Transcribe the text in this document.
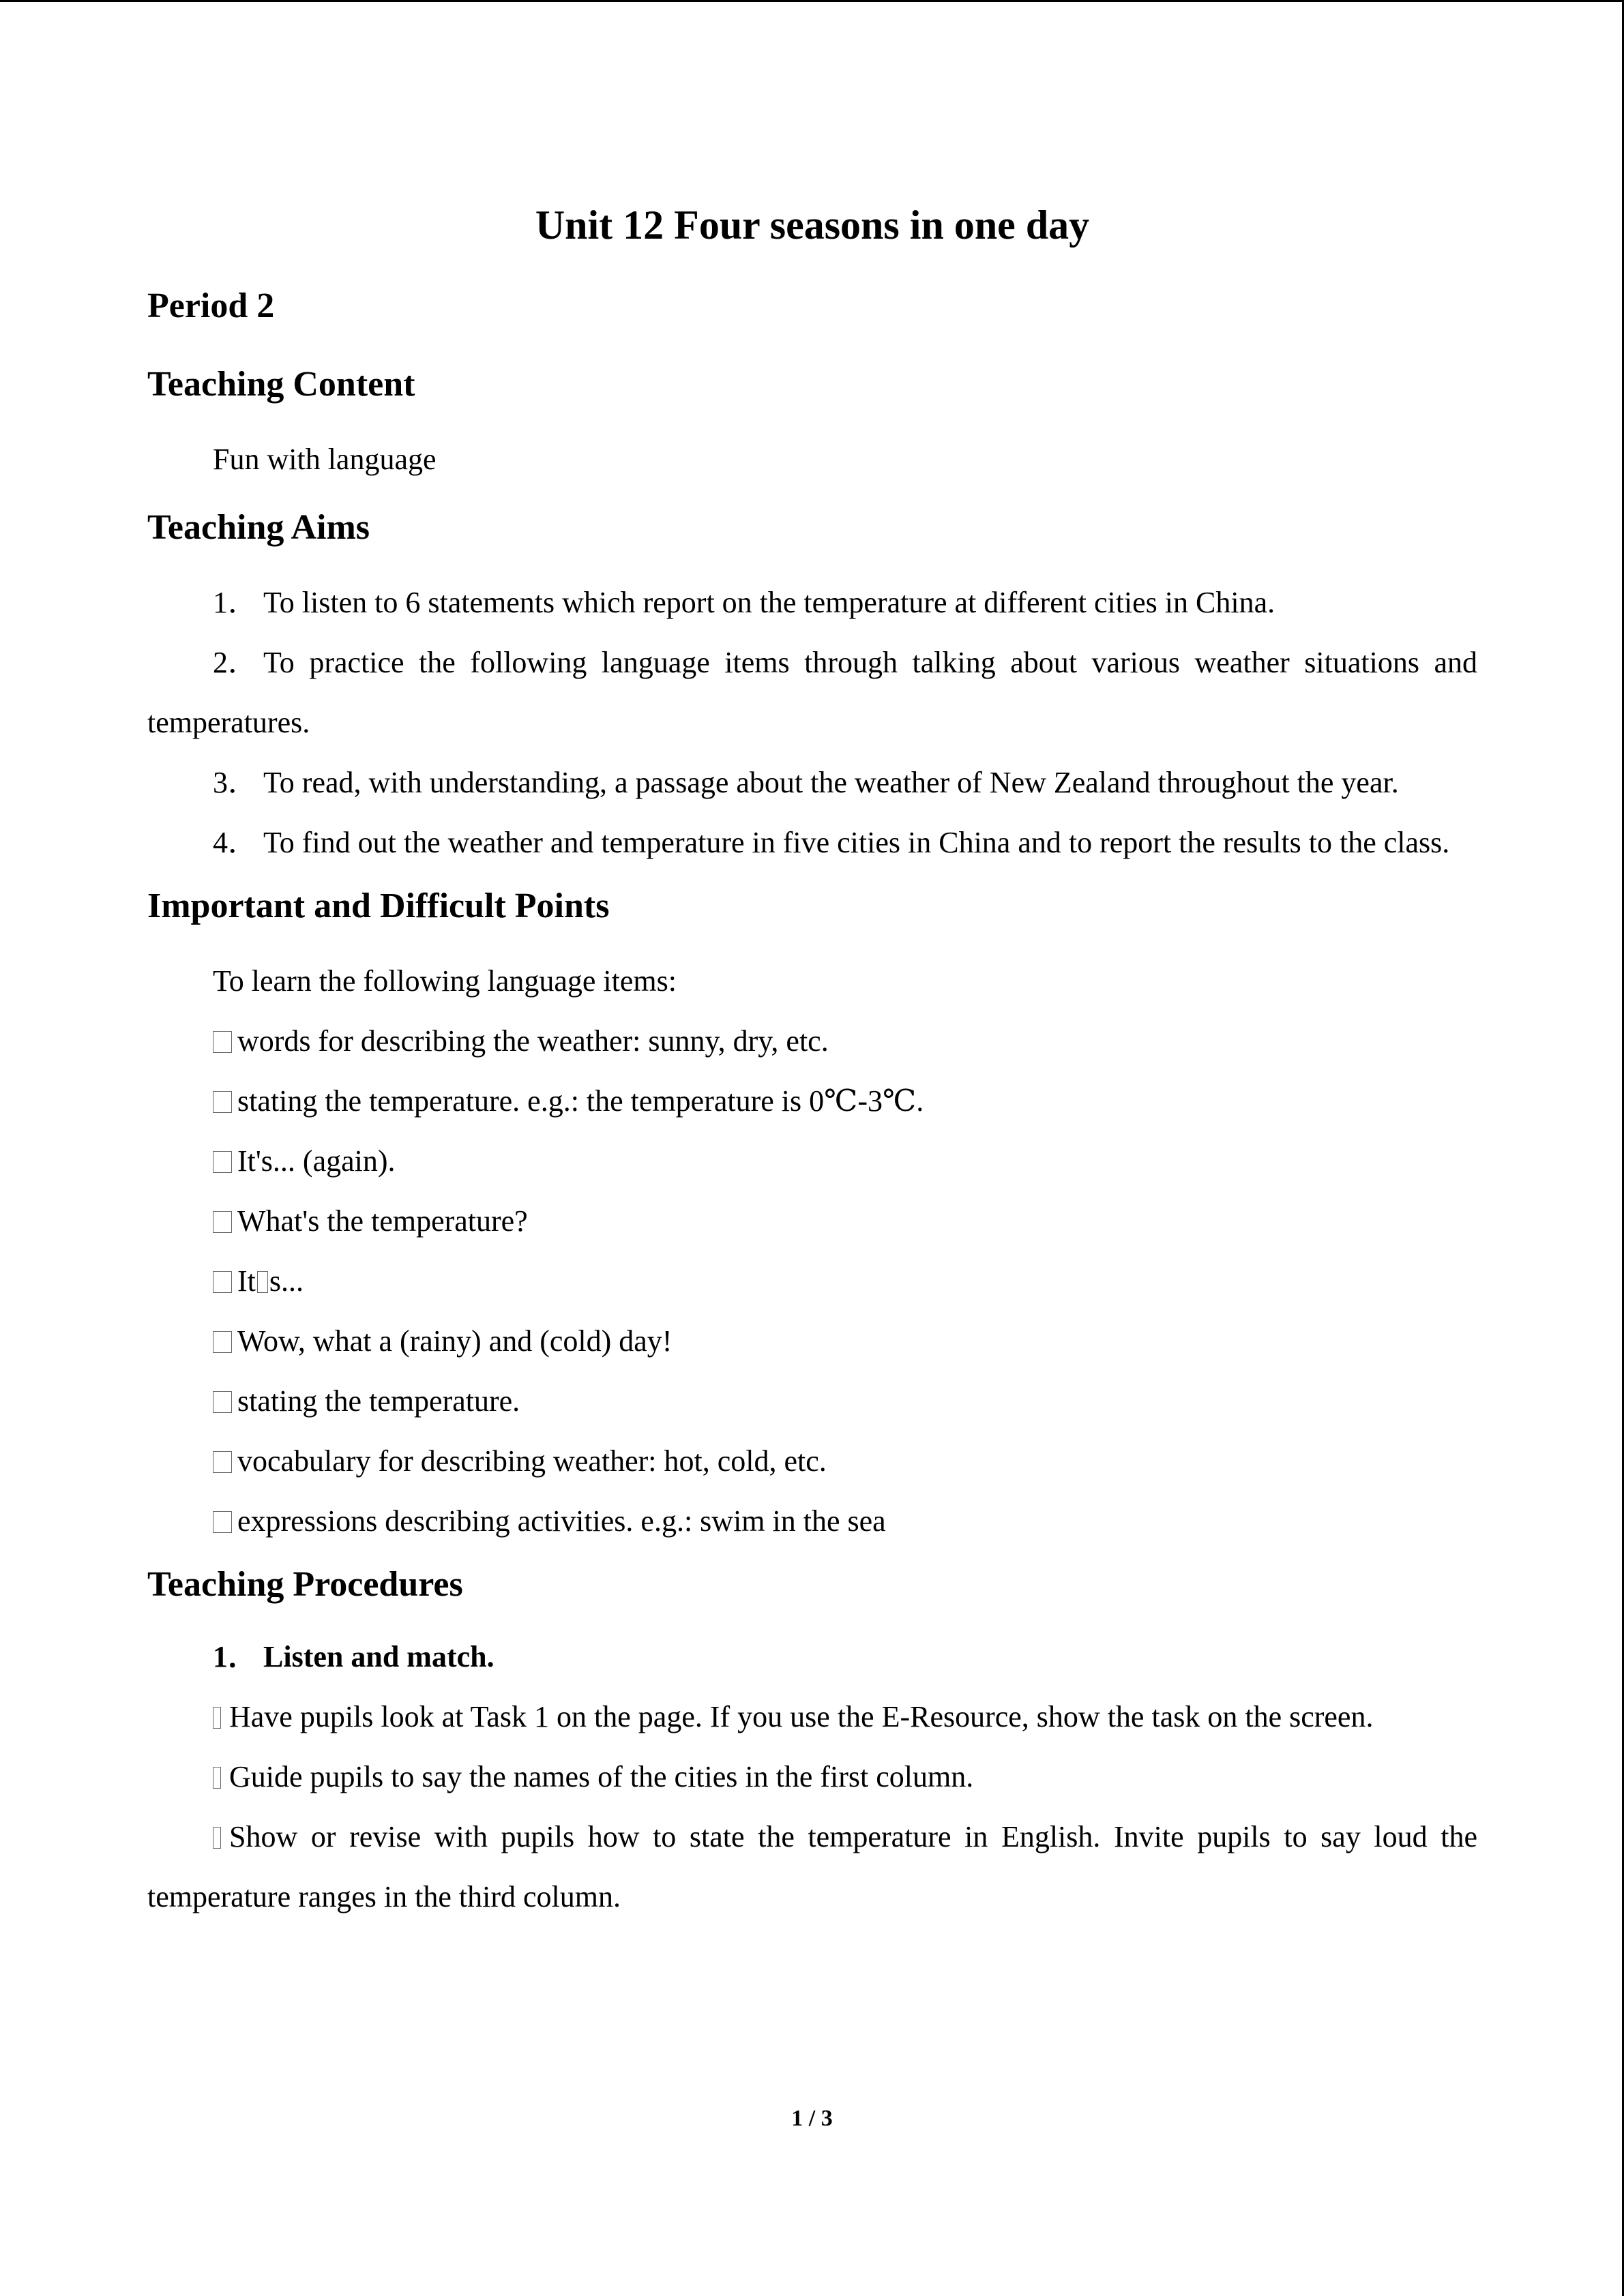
Unit 12 Four seasons in one day
Period 2
Teaching Content
Fun with language
Teaching Aims

1． To listen to 6 statements which report on the temperature at different cities in China.

2． To practice the following language items through talking about various weather situations and temperatures.

3． To read, with understanding, a passage about the weather of New Zealand throughout the year.

4． To find out the weather and temperature in five cities in China and to report the results to the class.

Important and Difficult Points

To learn the following language items:

words for describing the weather: sunny, dry, etc.

stating the temperature. e.g.: the temperature is 0℃-3℃.

It's... (again).

What's the temperature?

It s...

Wow, what a (rainy) and (cold) day!

stating the temperature.

vocabulary for describing weather: hot, cold, etc.

expressions describing activities. e.g.: swim in the sea

Teaching Procedures

1． Listen and match.

Have pupils look at Task 1 on the page. If you use the E-Resource, show the task on the screen.

Guide pupils to say the names of the cities in the first column.

Show or revise with pupils how to state the temperature in English. Invite pupils to say loud the temperature ranges in the third column.

1 / 3
